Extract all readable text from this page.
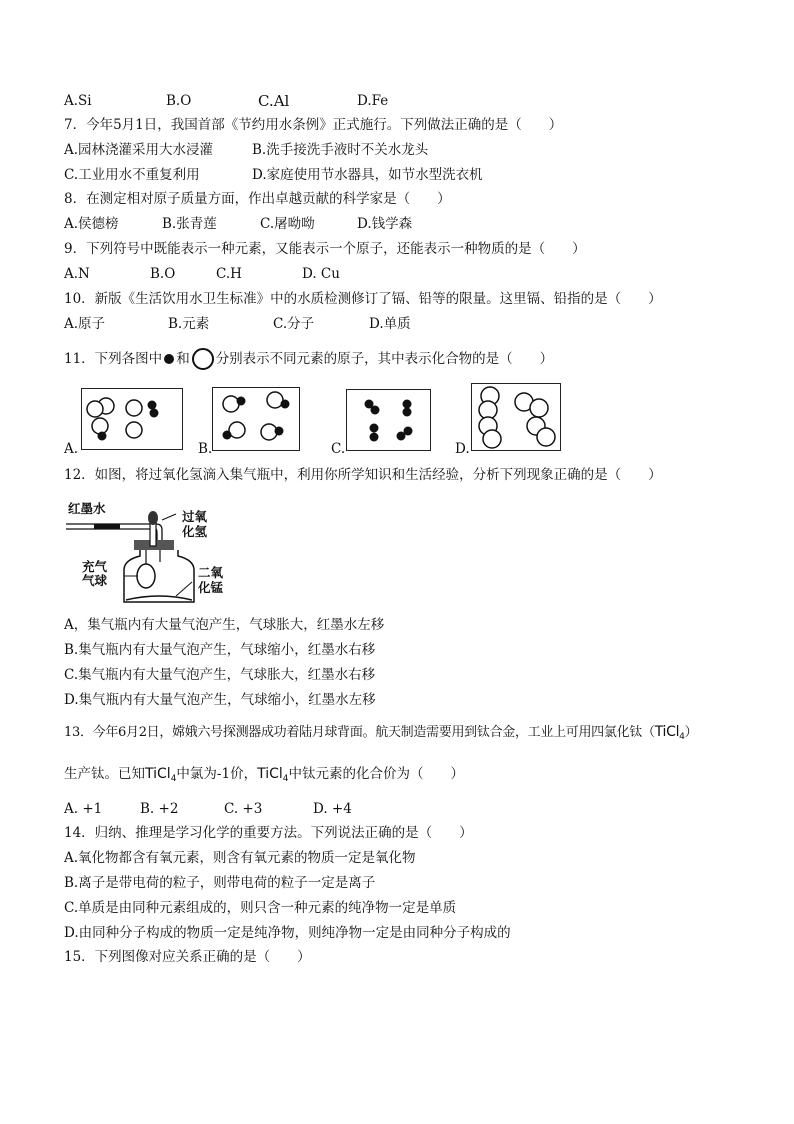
A.Si	B.O	C.Al	D.Fe
7．今年5月1日，我国首部《节约用水条例》正式施行。下列做法正确的是（　　）
A.园林浇灌采用大水浸灌	B.洗手接洗手液时不关水龙头
C.工业用水不重复利用	D.家庭使用节水器具，如节水型洗衣机
8．在测定相对原子质量方面，作出卓越贡献的科学家是（　　）
A.侯德榜	B.张青莲	C.屠呦呦	D.钱学森
9．下列符号中既能表示一种元素，又能表示一个原子，还能表示一种物质的是（　　）
A.N	B.O	C.H	D. Cu
10．新版《生活饮用水卫生标准》中的水质检测修订了镉、铅等的限量。这里镉、铅指的是（　　）
A.原子	B.元素	C.分子	D.单质
11．下列各图中 和 分别表示不同元素的原子，其中表示化合物的是（　　）
A.	B.	C.	D.
12．如图，将过氧化氢滴入集气瓶中，利用你所学知识和生活经验，分析下列现象正确的是（　　）
红墨水
过氧
化氢
充气
气球
二氧
化锰
A，集气瓶内有大量气泡产生，气球胀大，红墨水左移
B.集气瓶内有大量气泡产生，气球缩小，红墨水右移
C.集气瓶内有大量气泡产生，气球胀大，红墨水右移
D.集气瓶内有大量气泡产生，气球缩小，红墨水左移
13．今年6月2日，嫦娥六号探测器成功着陆月球背面。航天制造需要用到钛合金，工业上可用四氯化钛（TiCl$_4$）
生产钛。已知TiCl$_4$中氯为-1价，TiCl$_4$中钛元素的化合价为（　　）
A. +1	B. +2	C. +3	D. +4
14．归纳、推理是学习化学的重要方法。下列说法正确的是（　　）
A.氧化物都含有氧元素，则含有氧元素的物质一定是氧化物
B.离子是带电荷的粒子，则带电荷的粒子一定是离子
C.单质是由同种元素组成的，则只含一种元素的纯净物一定是单质
D.由同种分子构成的物质一定是纯净物，则纯净物一定是由同种分子构成的
15．下列图像对应关系正确的是（　　）
